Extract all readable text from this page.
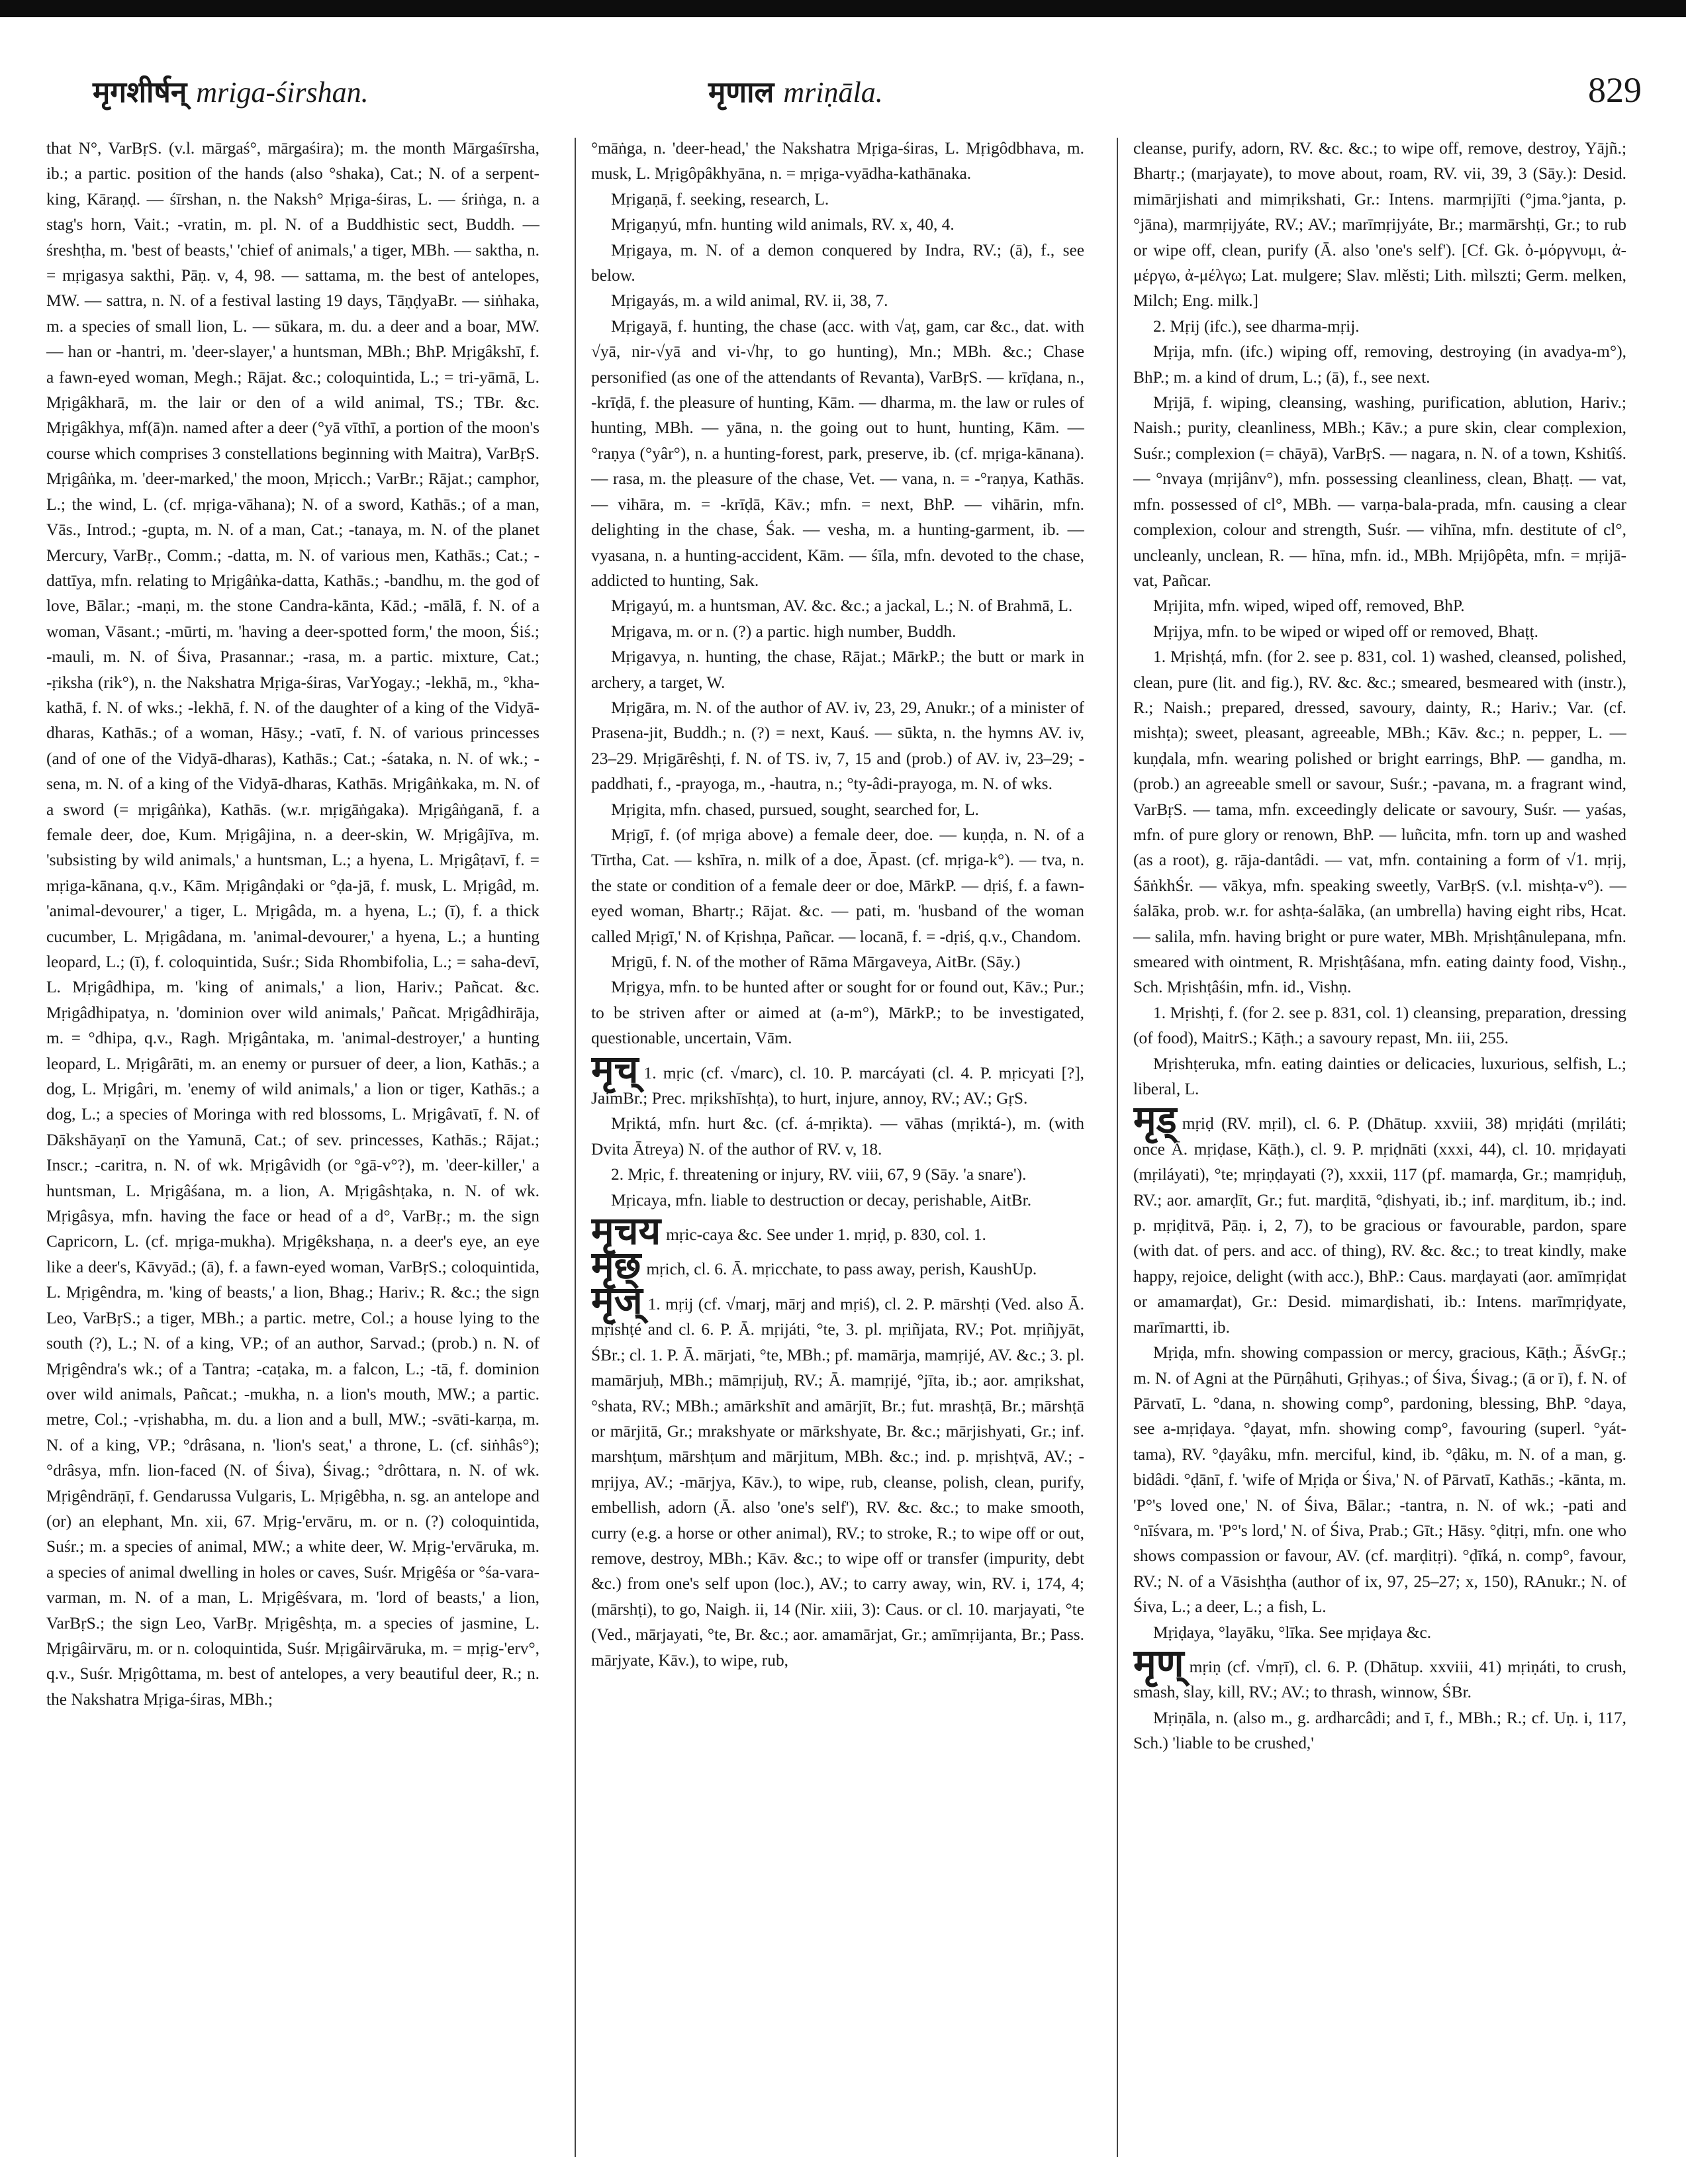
मृगशीर्षन् mriga-śirshan.	मृणाल mriṇāla.	829

that N°, VarBṛS. (v.l. mārgaś°, mārgaśira); m. the month Mārgaśīrsha, ib.; a partic. position of the hands (also °shaka), Cat.; N. of a serpent-king, Kāraṇḍ. — śīrshan, n. the Naksh° Mṛiga-śiras, L. — śriṅga, n. a stag's horn, Vait.; -vratin, m. pl. N. of a Buddhistic sect, Buddh. — śreshṭha, m. 'best of beasts,' 'chief of animals,' a tiger, MBh. — saktha, n. = mṛigasya sakthi, Pāṇ. v, 4, 98. — sattama, m. the best of antelopes, MW. — sattra, n. N. of a festival lasting 19 days, TāṇḍyaBr. — siṅhaka, m. a species of small lion, L. — sūkara, m. du. a deer and a boar, MW. — han or -hantri, m. 'deer-slayer,' a huntsman, MBh.; BhP. Mṛigâkshī, f. a fawn-eyed woman, Megh.; Rājat. &c.; coloquintida, L.; = tri-yāmā, L. Mṛigâkharā, m. the lair or den of a wild animal, TS.; TBr. &c. Mṛigâkhya, mf(ā)n. named after a deer (°yā vīthī, a portion of the moon's course which comprises 3 constellations beginning with Maitra), VarBṛS. Mṛigâṅka, m. 'deer-marked,' the moon, Mṛicch.; VarBr.; Rājat.; camphor, L.; the wind, L. (cf. mṛiga-vāhana); N. of a sword, Kathās.; of a man, Vās., Introd.; -gupta, m. N. of a man, Cat.; -tanaya, m. N. of the planet Mercury, VarBṛ., Comm.; -datta, m. N. of various men, Kathās.; Cat.; -dattīya, mfn. relating to Mṛigâṅka-datta, Kathās.; -bandhu, m. the god of love, Bālar.; -maṇi, m. the stone Candra-kānta, Kād.; -mālā, f. N. of a woman, Vāsant.; -mūrti, m. 'having a deer-spotted form,' the moon, Śiś.; -mauli, m. N. of Śiva, Prasannar.; -rasa, m. a partic. mixture, Cat.; -ṛiksha (rik°), n. the Nakshatra Mṛiga-śiras, VarYogay.; -lekhā, m., °kha-kathā, f. N. of wks.; -lekhā, f. N. of the daughter of a king of the Vidyā-dharas, Kathās.; of a woman, Hāsy.; -vatī, f. N. of various princesses (and of one of the Vidyā-dharas), Kathās.; Cat.; -śataka, n. N. of wk.; -sena, m. N. of a king of the Vidyā-dharas, Kathās. Mṛigâṅkaka, m. N. of a sword (= mṛigâṅka), Kathās. (w.r. mṛigāṅgaka). Mṛigâṅganā, f. a female deer, doe, Kum. Mṛigâjina, n. a deer-skin, W. Mṛigâjīva, m. 'subsisting by wild animals,' a huntsman, L.; a hyena, L. Mṛigâṭavī, f. = mṛiga-kānana, q.v., Kām. Mṛigânḍaki or °ḍa-jā, f. musk, L. Mṛigâd, m. 'animal-devourer,' a tiger, L. Mṛigâda, m. a hyena, L.; (ī), f. a thick cucumber, L. Mṛigâdana, m. 'animal-devourer,' a hyena, L.; a hunting leopard, L.; (ī), f. coloquintida, Suśr.; Sida Rhombifolia, L.; = saha-devī, L. Mṛigâdhipa, m. 'king of animals,' a lion, Hariv.; Pañcat. &c. Mṛigâdhipatya, n. 'dominion over wild animals,' Pañcat. Mṛigâdhirāja, m. = °dhipa, q.v., Ragh. Mṛigântaka, m. 'animal-destroyer,' a hunting leopard, L. Mṛigârāti, m. an enemy or pursuer of deer, a lion, Kathās.; a dog, L. Mṛigâri, m. 'enemy of wild animals,' a lion or tiger, Kathās.; a dog, L.; a species of Moringa with red blossoms, L. Mṛigâvatī, f. N. of Dākshāyaṇī on the Yamunā, Cat.; of sev. princesses, Kathās.; Rājat.; Inscr.; -caritra, n. N. of wk. Mṛigâvidh (or °gā-v°?), m. 'deer-killer,' a huntsman, L. Mṛigâśana, m. a lion, A. Mṛigâshṭaka, n. N. of wk. Mṛigâsya, mfn. having the face or head of a d°, VarBṛ.; m. the sign Capricorn, L. (cf. mṛiga-mukha). Mṛigêkshaṇa, n. a deer's eye, an eye like a deer's, Kāvyād.; (ā), f. a fawn-eyed woman, VarBṛS.; coloquintida, L. Mṛigêndra, m. 'king of beasts,' a lion, Bhag.; Hariv.; R. &c.; the sign Leo, VarBṛS.; a tiger, MBh.; a partic. metre, Col.; a house lying to the south (?), L.; N. of a king, VP.; of an author, Sarvad.; (prob.) n. N. of Mṛigêndra's wk.; of a Tantra; -caṭaka, m. a falcon, L.; -tā, f. dominion over wild animals, Pañcat.; -mukha, n. a lion's mouth, MW.; a partic. metre, Col.; -vṛishabha, m. du. a lion and a bull, MW.; -svāti-karṇa, m. N. of a king, VP.; °drâsana, n. 'lion's seat,' a throne, L. (cf. siṅhâs°); °drâsya, mfn. lion-faced (N. of Śiva), Śivag.; °drôttara, n. N. of wk. Mṛigêndrāṇī, f. Gendarussa Vulgaris, L. Mṛigêbha, n. sg. an antelope and (or) an elephant, Mn. xii, 67. Mṛig-'ervāru, m. or n. (?) coloquintida, Suśr.; m. a species of animal, MW.; a white deer, W. Mṛig-'ervāruka, m. a species of animal dwelling in holes or caves, Suśr. Mṛigêśa or °śa-vara-varman, m. N. of a man, L. Mṛigêśvara, m. 'lord of beasts,' a lion, VarBṛS.; the sign Leo, VarBṛ. Mṛigêshṭa, m. a species of jasmine, L. Mṛigâirvāru, m. or n. coloquintida, Suśr. Mṛigâirvāruka, m. = mṛig-'erv°, q.v., Suśr. Mṛigôttama, m. best of antelopes, a very beautiful deer, R.; n. the Nakshatra Mṛiga-śiras, MBh.;

°māṅga, n. 'deer-head,' the Nakshatra Mṛiga-śiras, L. Mṛigôdbhava, m. musk, L. Mṛigôpâkhyāna, n. = mṛiga-vyādha-kathānaka.

Mṛigaṇā, f. seeking, research, L.

Mṛigaṇyú, mfn. hunting wild animals, RV. x, 40, 4.

Mṛigaya, m. N. of a demon conquered by Indra, RV.; (ā), f., see below.

Mṛigayás, m. a wild animal, RV. ii, 38, 7.

Mṛigayā, f. hunting, the chase (acc. with √aṭ, gam, car &c., dat. with √yā, nir-√yā and vi-√hṛ, to go hunting), Mn.; MBh. &c.; Chase personified (as one of the attendants of Revanta), VarBṛS. — krīḍana, n., -krīḍā, f. the pleasure of hunting, Kām. — dharma, m. the law or rules of hunting, MBh. — yāna, n. the going out to hunt, hunting, Kām. — °raṇya (°yâr°), n. a hunting-forest, park, preserve, ib. (cf. mṛiga-kānana). — rasa, m. the pleasure of the chase, Vet. — vana, n. = -°raṇya, Kathās. — vihāra, m. = -krīḍā, Kāv.; mfn. = next, BhP. — vihārin, mfn. delighting in the chase, Śak. — vesha, m. a hunting-garment, ib. — vyasana, n. a hunting-accident, Kām. — śīla, mfn. devoted to the chase, addicted to hunting, Sak.

Mṛigayú, m. a huntsman, AV. &c. &c.; a jackal, L.; N. of Brahmā, L.

Mṛigava, m. or n. (?) a partic. high number, Buddh.

Mṛigavya, n. hunting, the chase, Rājat.; MārkP.; the butt or mark in archery, a target, W.

Mṛigāra, m. N. of the author of AV. iv, 23, 29, Anukr.; of a minister of Prasena-jit, Buddh.; n. (?) = next, Kauś. — sūkta, n. the hymns AV. iv, 23–29. Mṛigārêshṭi, f. N. of TS. iv, 7, 15 and (prob.) of AV. iv, 23–29; -paddhati, f., -prayoga, m., -hautra, n.; °ty-âdi-prayoga, m. N. of wks.

Mṛigita, mfn. chased, pursued, sought, searched for, L.

Mṛigī, f. (of mṛiga above) a female deer, doe. — kuṇḍa, n. N. of a Tīrtha, Cat. — kshīra, n. milk of a doe, Āpast. (cf. mṛiga-k°). — tva, n. the state or condition of a female deer or doe, MārkP. — dṛiś, f. a fawn-eyed woman, Bhartṛ.; Rājat. &c. — pati, m. 'husband of the woman called Mṛigī,' N. of Kṛishṇa, Pañcar. — locanā, f. = -dṛiś, q.v., Chandom.

Mṛigū, f. N. of the mother of Rāma Mārgaveya, AitBr. (Sāy.)

Mṛigya, mfn. to be hunted after or sought for or found out, Kāv.; Pur.; to be striven after or aimed at (a-m°), MārkP.; to be investigated, questionable, uncertain, Vām.

मृच् 1. mṛic (cf. √marc), cl. 10. P. marcáyati (cl. 4. P. mṛicyati [?], JaimBr.; Prec. mṛikshīshṭa), to hurt, injure, annoy, RV.; AV.; GṛS.

Mṛiktá, mfn. hurt &c. (cf. á-mṛikta). — vāhas (mṛiktá-), m. (with Dvita Ātreya) N. of the author of RV. v, 18.

2. Mṛic, f. threatening or injury, RV. viii, 67, 9 (Sāy. 'a snare').

Mṛicaya, mfn. liable to destruction or decay, perishable, AitBr.

मृचय mṛic-caya &c. See under 1. mṛiḍ, p. 830, col. 1.

मृछ् mṛich, cl. 6. Ā. mṛicchate, to pass away, perish, KaushUp.

मृज् 1. mṛij (cf. √marj, mārj and mṛiś), cl. 2. P. mārshṭi (Ved. also Ā. mṛishṭé and cl. 6. P. Ā. mṛijáti, °te, 3. pl. mṛiñjata, RV.; Pot. mṛiñjyāt, ŚBr.; cl. 1. P. Ā. mārjati, °te, MBh.; pf. mamārja, mamṛijé, AV. &c.; 3. pl. mamārjuḥ, MBh.; māmṛijuḥ, RV.; Ā. mamṛijé, °jīta, ib.; aor. amṛikshat, °shata, RV.; MBh.; amārkshīt and amārjīt, Br.; fut. mrashṭā, Br.; mārshṭā or mārjitā, Gr.; mrakshyate or mārkshyate, Br. &c.; mārjishyati, Gr.; inf. marshṭum, mārshṭum and mārjitum, MBh. &c.; ind. p. mṛishṭvā, AV.; -mṛijya, AV.; -mārjya, Kāv.), to wipe, rub, cleanse, polish, clean, purify, embellish, adorn (Ā. also 'one's self'), RV. &c. &c.; to make smooth, curry (e.g. a horse or other animal), RV.; to stroke, R.; to wipe off or out, remove, destroy, MBh.; Kāv. &c.; to wipe off or transfer (impurity, debt &c.) from one's self upon (loc.), AV.; to carry away, win, RV. i, 174, 4; (mārshṭi), to go, Naigh. ii, 14 (Nir. xiii, 3): Caus. or cl. 10. marjayati, °te (Ved., mārjayati, °te, Br. &c.; aor. amamārjat, Gr.; amīmṛijanta, Br.; Pass. mārjyate, Kāv.), to wipe, rub,

cleanse, purify, adorn, RV. &c. &c.; to wipe off, remove, destroy, Yājñ.; Bhartṛ.; (marjayate), to move about, roam, RV. vii, 39, 3 (Sāy.): Desid. mimārjishati and mimṛikshati, Gr.: Intens. marmṛijīti (°jma.°janta, p. °jāna), marmṛijyáte, RV.; AV.; marīmṛijyáte, Br.; marmārshṭi, Gr.; to rub or wipe off, clean, purify (Ā. also 'one's self'). [Cf. Gk. ὀ-μόργνυμι, ἀ-μέργω, ἀ-μέλγω; Lat. mulgere; Slav. mlěsti; Lith. mìlszti; Germ. melken, Milch; Eng. milk.]

2. Mṛij (ifc.), see dharma-mṛij.

Mṛija, mfn. (ifc.) wiping off, removing, destroying (in avadya-m°), BhP.; m. a kind of drum, L.; (ā), f., see next.

Mṛijā, f. wiping, cleansing, washing, purification, ablution, Hariv.; Naish.; purity, cleanliness, MBh.; Kāv.; a pure skin, clear complexion, Suśr.; complexion (= chāyā), VarBṛS. — nagara, n. N. of a town, Kshitîś. — °nvaya (mṛijânv°), mfn. possessing cleanliness, clean, Bhaṭṭ. — vat, mfn. possessed of cl°, MBh. — varṇa-bala-prada, mfn. causing a clear complexion, colour and strength, Suśr. — vihīna, mfn. destitute of cl°, uncleanly, unclean, R. — hīna, mfn. id., MBh. Mṛijôpêta, mfn. = mṛijā-vat, Pañcar.

Mṛijita, mfn. wiped, wiped off, removed, BhP.

Mṛijya, mfn. to be wiped or wiped off or removed, Bhaṭṭ.

1. Mṛishṭá, mfn. (for 2. see p. 831, col. 1) washed, cleansed, polished, clean, pure (lit. and fig.), RV. &c. &c.; smeared, besmeared with (instr.), R.; Naish.; prepared, dressed, savoury, dainty, R.; Hariv.; Var. (cf. mishṭa); sweet, pleasant, agreeable, MBh.; Kāv. &c.; n. pepper, L. — kuṇḍala, mfn. wearing polished or bright earrings, BhP. — gandha, m. (prob.) an agreeable smell or savour, Suśr.; -pavana, m. a fragrant wind, VarBṛS. — tama, mfn. exceedingly delicate or savoury, Suśr. — yaśas, mfn. of pure glory or renown, BhP. — luñcita, mfn. torn up and washed (as a root), g. rāja-dantâdi. — vat, mfn. containing a form of √1. mṛij, ŚāṅkhŚr. — vākya, mfn. speaking sweetly, VarBṛS. (v.l. mishṭa-v°). — śalāka, prob. w.r. for ashṭa-śalāka, (an umbrella) having eight ribs, Hcat. — salila, mfn. having bright or pure water, MBh. Mṛishṭânulepana, mfn. smeared with ointment, R. Mṛishṭâśana, mfn. eating dainty food, Vishṇ., Sch. Mṛishṭâśin, mfn. id., Vishṇ.

1. Mṛishṭi, f. (for 2. see p. 831, col. 1) cleansing, preparation, dressing (of food), MaitrS.; Kāṭh.; a savoury repast, Mn. iii, 255.

Mṛishṭeruka, mfn. eating dainties or delicacies, luxurious, selfish, L.; liberal, L.

मृड् mṛiḍ (RV. mṛil), cl. 6. P. (Dhātup. xxviii, 38) mṛiḍáti (mṛiláti; once Ā. mṛiḍase, Kāṭh.), cl. 9. P. mṛiḍnāti (xxxi, 44), cl. 10. mṛiḍayati (mṛiláyati), °te; mṛiṇḍayati (?), xxxii, 117 (pf. mamarḍa, Gr.; mamṛiḍuḥ, RV.; aor. amarḍīt, Gr.; fut. marḍitā, °ḍishyati, ib.; inf. marḍitum, ib.; ind. p. mṛiḍitvā, Pāṇ. i, 2, 7), to be gracious or favourable, pardon, spare (with dat. of pers. and acc. of thing), RV. &c. &c.; to treat kindly, make happy, rejoice, delight (with acc.), BhP.: Caus. marḍayati (aor. amīmṛiḍat or amamarḍat), Gr.: Desid. mimarḍishati, ib.: Intens. marīmṛiḍyate, marīmartti, ib.

Mṛiḍa, mfn. showing compassion or mercy, gracious, Kāṭh.; ĀśvGṛ.; m. N. of Agni at the Pūrṇâhuti, Gṛihyas.; of Śiva, Śivag.; (ā or ī), f. N. of Pārvatī, L. °dana, n. showing comp°, pardoning, blessing, BhP. °daya, see a-mṛiḍaya. °ḍayat, mfn. showing comp°, favouring (superl. °yát-tama), RV. °ḍayâku, mfn. merciful, kind, ib. °ḍâku, m. N. of a man, g. bidâdi. °ḍānī, f. 'wife of Mṛiḍa or Śiva,' N. of Pārvatī, Kathās.; -kānta, m. 'P°'s loved one,' N. of Śiva, Bālar.; -tantra, n. N. of wk.; -pati and °nīśvara, m. 'P°'s lord,' N. of Śiva, Prab.; Gīt.; Hāsy. °ḍitṛi, mfn. one who shows compassion or favour, AV. (cf. marḍitṛi). °ḍīká, n. comp°, favour, RV.; N. of a Vāsishṭha (author of ix, 97, 25–27; x, 150), RAnukr.; N. of Śiva, L.; a deer, L.; a fish, L.

Mṛiḍaya, °layāku, °līka. See mṛiḍaya &c.

मृण् mṛiṇ (cf. √mṛī), cl. 6. P. (Dhātup. xxviii, 41) mṛiṇáti, to crush, smash, slay, kill, RV.; AV.; to thrash, winnow, ŚBr.

Mṛiṇāla, n. (also m., g. ardharcâdi; and ī, f., MBh.; R.; cf. Uṇ. i, 117, Sch.) 'liable to be crushed,'
